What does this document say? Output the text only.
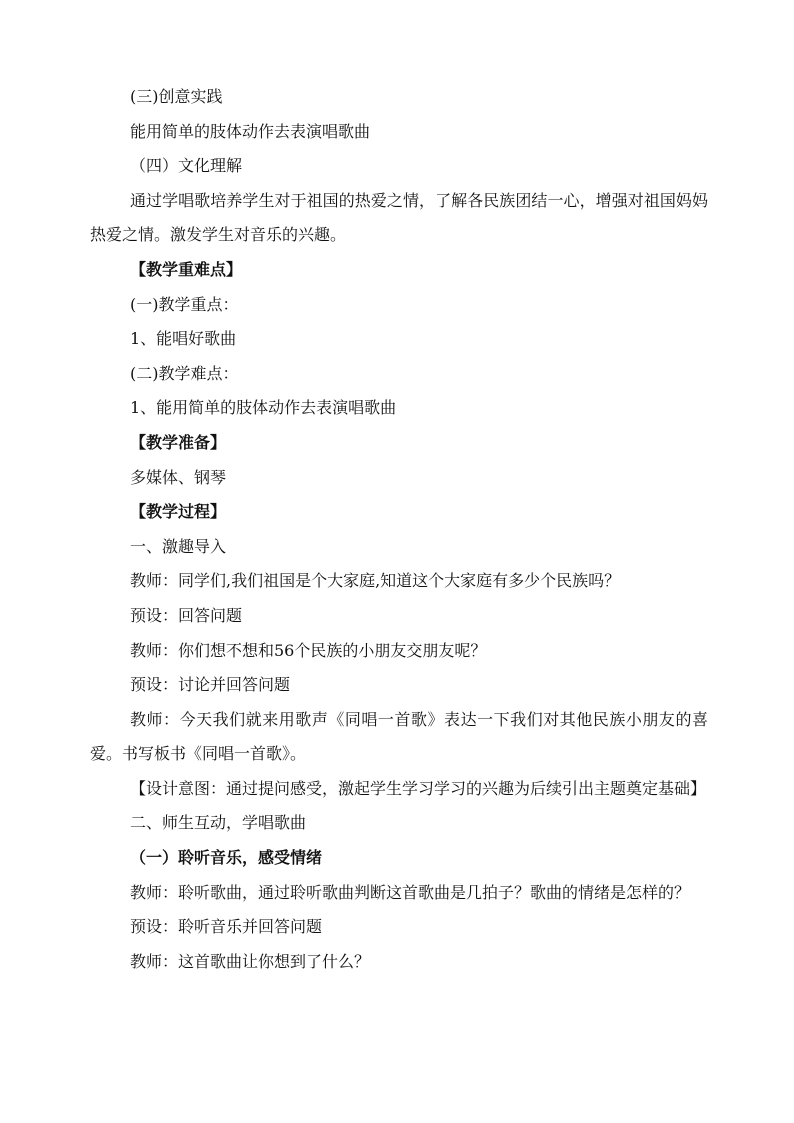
(三)创意实践

能用简单的肢体动作去表演唱歌曲

（四）文化理解

通过学唱歌培养学生对于祖国的热爱之情，了解各民族团结一心，增强对祖国妈妈热爱之情。激发学生对音乐的兴趣。

【教学重难点】

(一)教学重点：

1、能唱好歌曲

(二)教学难点：

1、能用简单的肢体动作去表演唱歌曲

【教学准备】

多媒体、钢琴

【教学过程】

一、激趣导入

教师：同学们,我们祖国是个大家庭,知道这个大家庭有多少个民族吗？

预设：回答问题

教师：你们想不想和56个民族的小朋友交朋友呢？

预设：讨论并回答问题

教师：今天我们就来用歌声《同唱一首歌》表达一下我们对其他民族小朋友的喜爱。书写板书《同唱一首歌》。

【设计意图：通过提问感受，激起学生学习学习的兴趣为后续引出主题奠定基础】

二、师生互动，学唱歌曲

（一）聆听音乐，感受情绪

教师：聆听歌曲，通过聆听歌曲判断这首歌曲是几拍子？歌曲的情绪是怎样的？

预设：聆听音乐并回答问题

教师：这首歌曲让你想到了什么？
